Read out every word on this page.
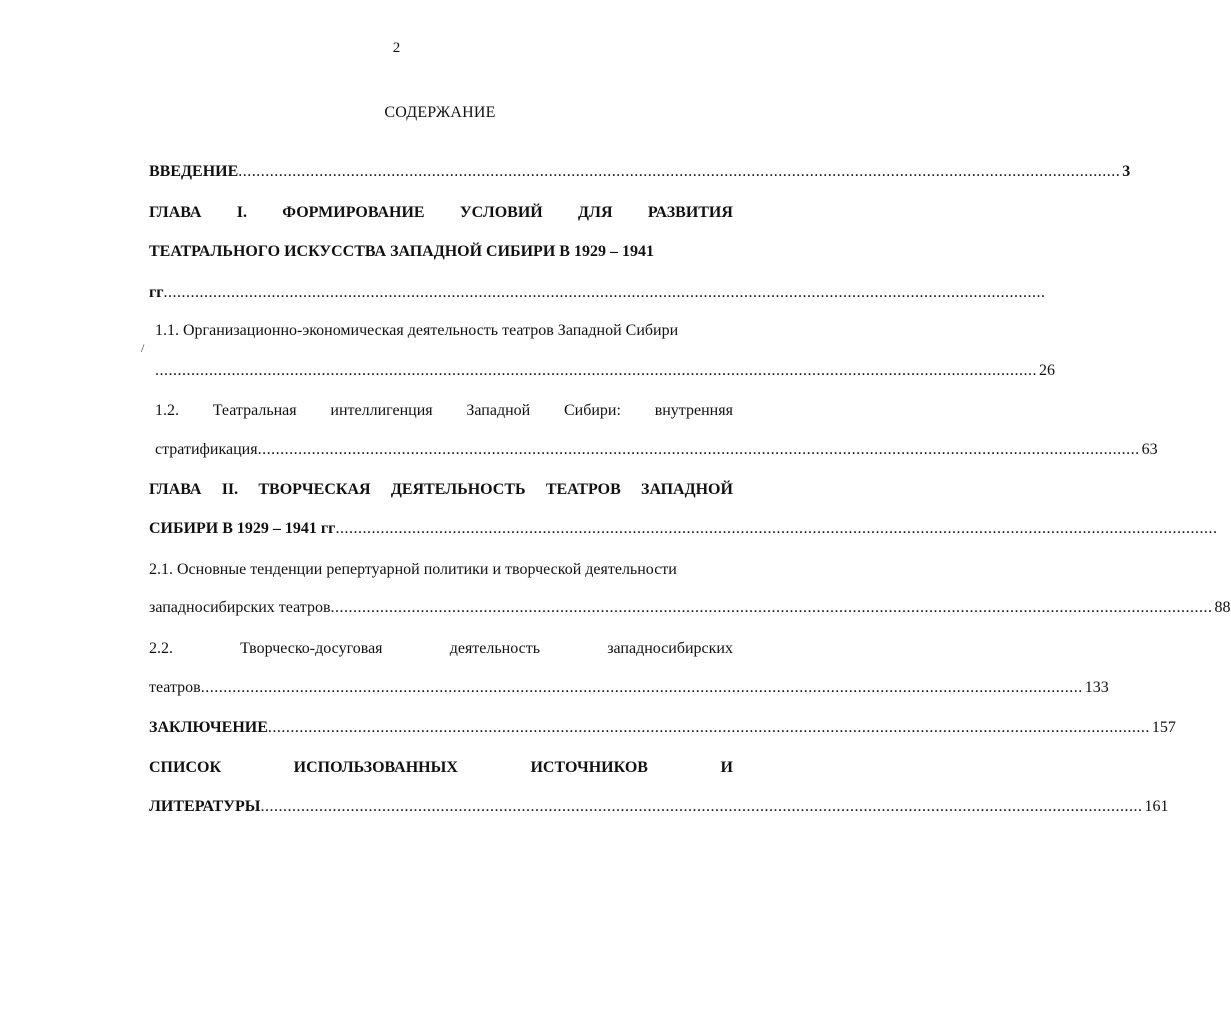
2
СОДЕРЖАНИЕ
/
ВВЕДЕНИЕ .................................................................................................................................................................................................... 3
ГЛАВА I. ФОРМИРОВАНИЕ УСЛОВИЙ ДЛЯ РАЗВИТИЯ
ТЕАТРАЛЬНОГО ИСКУССТВА ЗАПАДНОЙ СИБИРИ В 1929 – 1941
гг ....................................................................................................................................................................................................
1.1. Организационно-экономическая деятельность театров Западной Сибири
.................................................................................................................................................................................................... 26
1.2. Театральная интеллигенция Западной Сибири: внутренняя
стратификация .................................................................................................................................................................................................... 63
ГЛАВА II. ТВОРЧЕСКАЯ ДЕЯТЕЛЬНОСТЬ ТЕАТРОВ ЗАПАДНОЙ
СИБИРИ В 1929 – 1941 гг ....................................................................................................................................................................................................
2.1. Основные тенденции репертуарной политики и творческой деятельности
западносибирских театров .................................................................................................................................................................................................... 88
2.2.	Творческо-досуговая	деятельность	западносибирских
театров .................................................................................................................................................................................................... 133
ЗАКЛЮЧЕНИЕ .................................................................................................................................................................................................... 157
СПИСОК	ИСПОЛЬЗОВАННЫХ	ИСТОЧНИКОВ	И
ЛИТЕРАТУРЫ .................................................................................................................................................................................................... 161
